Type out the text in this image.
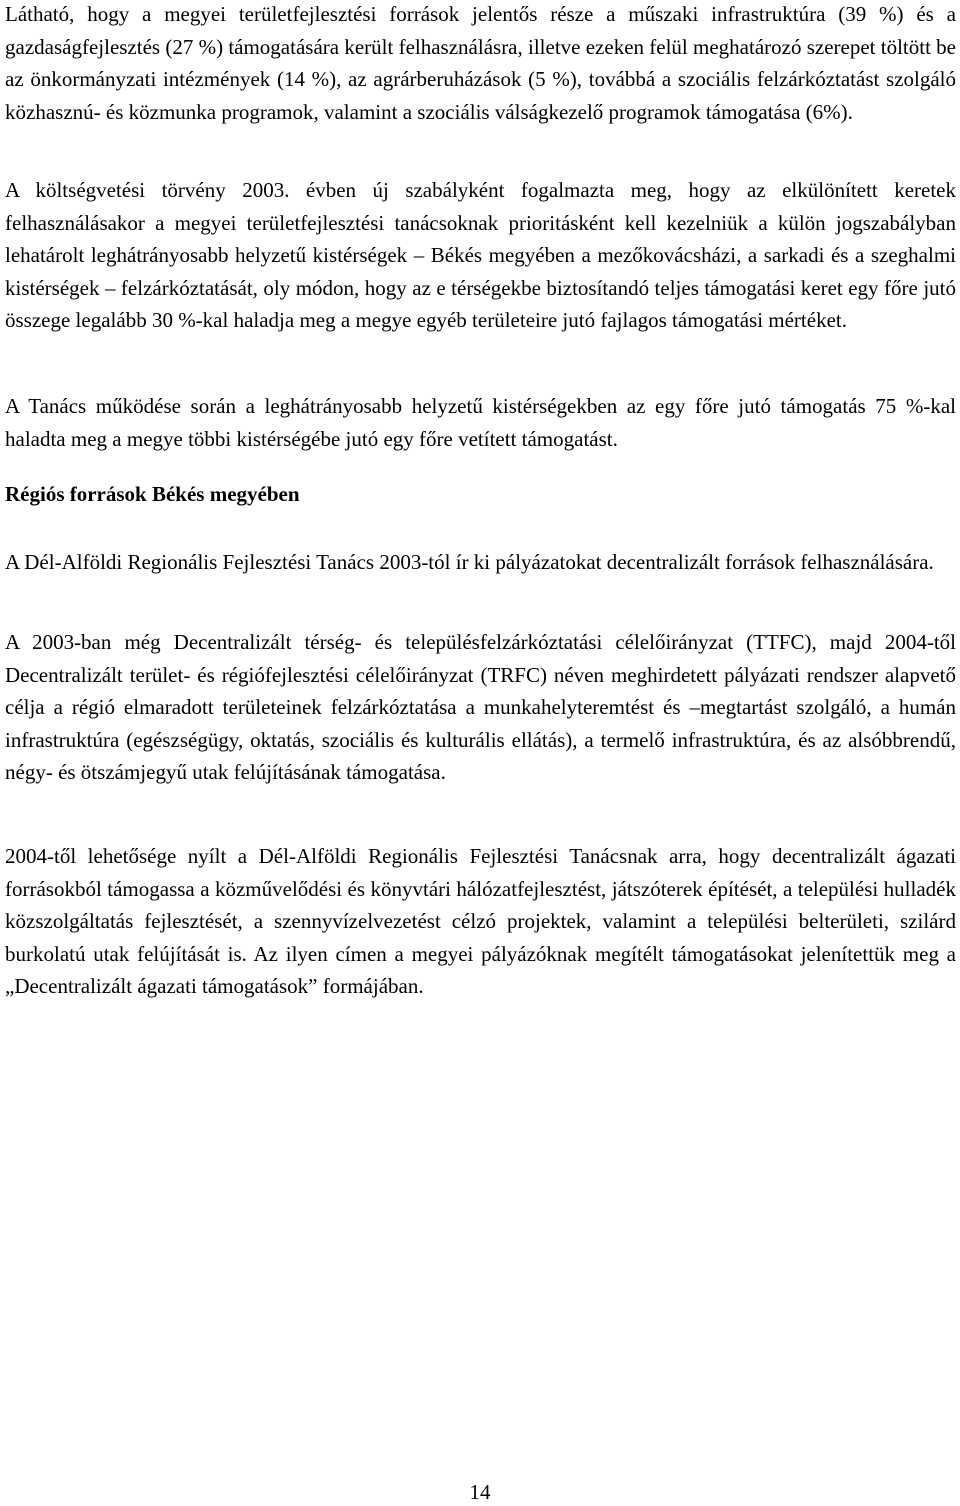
Látható, hogy a megyei területfejlesztési források jelentős része a műszaki infrastruktúra (39 %) és a gazdaságfejlesztés (27 %) támogatására került felhasználásra, illetve ezeken felül meghatározó szerepet töltött be az önkormányzati intézmények (14 %), az agrárberuházások (5 %), továbbá a szociális felzárkóztatást szolgáló közhasznú- és közmunka programok, valamint a szociális válságkezelő programok támogatása (6%).

A költségvetési törvény 2003. évben új szabályként fogalmazta meg, hogy az elkülönített keretek felhasználásakor a megyei területfejlesztési tanácsoknak prioritásként kell kezelniük a külön jogszabályban lehatárolt leghátrányosabb helyzetű kistérségek – Békés megyében a mezőkovácsházi, a sarkadi és a szeghalmi kistérségek – felzárkóztatását, oly módon, hogy az e térségekbe biztosítandó teljes támogatási keret egy főre jutó összege legalább 30 %-kal haladja meg a megye egyéb területeire jutó fajlagos támogatási mértéket.

A Tanács működése során a leghátrányosabb helyzetű kistérségekben az egy főre jutó támogatás 75 %-kal haladta meg a megye többi kistérségébe jutó egy főre vetített támogatást.

Régiós források Békés megyében

A Dél-Alföldi Regionális Fejlesztési Tanács 2003-tól ír ki pályázatokat decentralizált források felhasználására.

A 2003-ban még Decentralizált térség- és településfelzárkóztatási célelőirányzat (TTFC), majd 2004-től Decentralizált terület- és régiófejlesztési célelőirányzat (TRFC) néven meghirdetett pályázati rendszer alapvető célja a régió elmaradott területeinek felzárkóztatása a munkahelyteremtést és –megtartást szolgáló, a humán infrastruktúra (egészségügy, oktatás, szociális és kulturális ellátás), a termelő infrastruktúra, és az alsóbbrendű, négy- és ötszámjegyű utak felújításának támogatása.

2004-től lehetősége nyílt a Dél-Alföldi Regionális Fejlesztési Tanácsnak arra, hogy decentralizált ágazati forrásokból támogassa a közművelődési és könyvtári hálózatfejlesztést, játszóterek építését, a települési hulladék közszolgáltatás fejlesztését, a szennyvízelvezetést célzó projektek, valamint a települési belterületi, szilárd burkolatú utak felújítását is. Az ilyen címen a megyei pályázóknak megítélt támogatásokat jelenítettük meg a „Decentralizált ágazati támogatások” formájában.

14
